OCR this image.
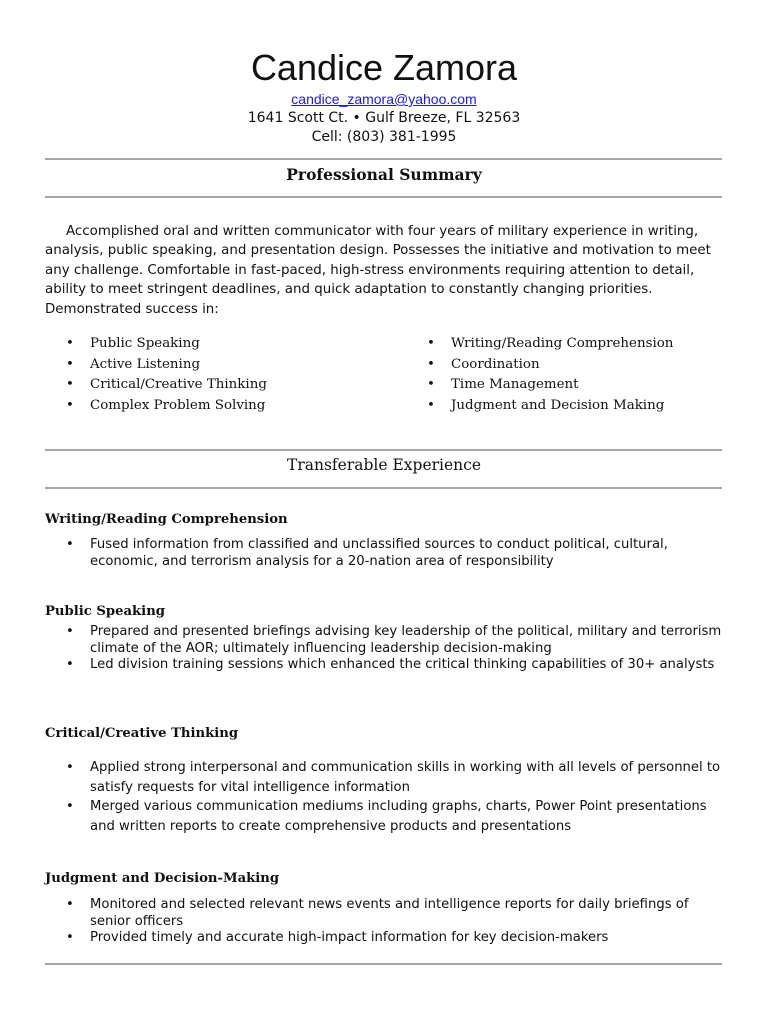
Candice Zamora
candice_zamora@yahoo.com
1641 Scott Ct. • Gulf Breeze, FL 32563
Cell: (803) 381-1995
Professional Summary

Accomplished oral and written communicator with four years of military experience in writing, analysis, public speaking, and presentation design. Possesses the initiative and motivation to meet any challenge. Comfortable in fast-paced, high-stress environments requiring attention to detail, ability to meet stringent deadlines, and quick adaptation to constantly changing priorities. Demonstrated success in:

• Public Speaking
• Active Listening
• Critical/Creative Thinking
• Complex Problem Solving
• Writing/Reading Comprehension
• Coordination
• Time Management
• Judgment and Decision Making
Transferable Experience
Writing/Reading Comprehension
• Fused information from classified and unclassified sources to conduct political, cultural, economic, and terrorism analysis for a 20-nation area of responsibility
Public Speaking
• Prepared and presented briefings advising key leadership of the political, military and terrorism climate of the AOR; ultimately influencing leadership decision-making
• Led division training sessions which enhanced the critical thinking capabilities of 30+ analysts
Critical/Creative Thinking
• Applied strong interpersonal and communication skills in working with all levels of personnel to satisfy requests for vital intelligence information
• Merged various communication mediums including graphs, charts, Power Point presentations and written reports to create comprehensive products and presentations
Judgment and Decision-Making
• Monitored and selected relevant news events and intelligence reports for daily briefings of senior officers
• Provided timely and accurate high-impact information for key decision-makers
